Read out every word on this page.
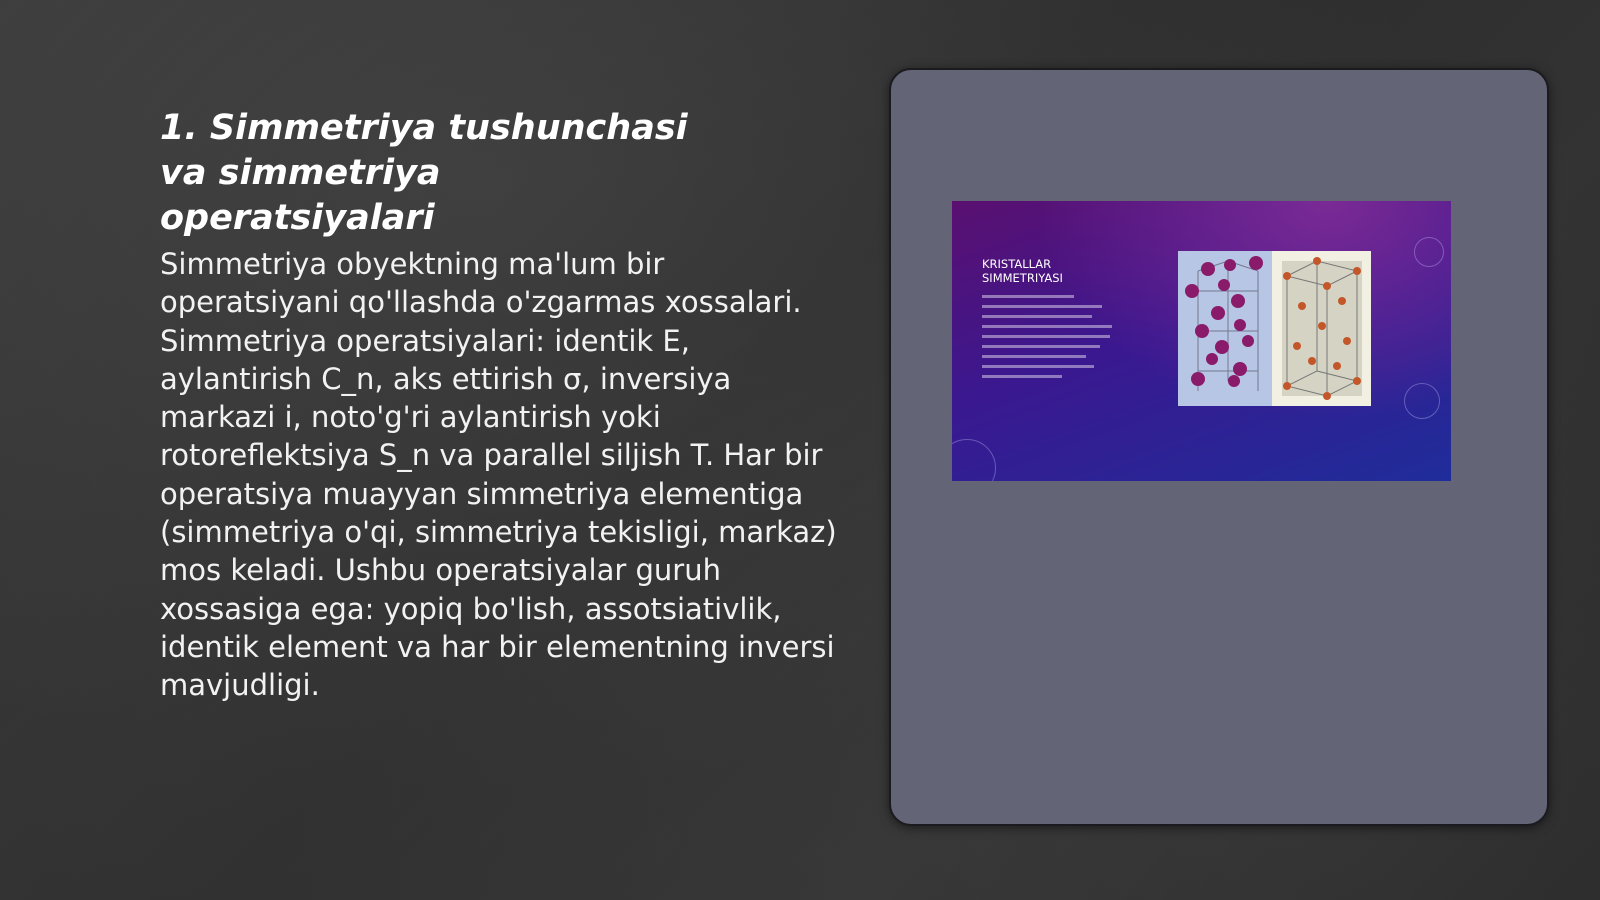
1. Simmetriya tushunchasi va simmetriya operatsiyalari

Simmetriya obyektning ma'lum bir operatsiyani qo'llashda o'zgarmas xossalari. Simmetriya operatsiyalari: identik E, aylantirish C_n, aks ettirish σ, inversiya markazi i, noto'g'ri aylantirish yoki rotoreflektsiya S_n va parallel siljish T. Har bir operatsiya muayyan simmetriya elementiga (simmetriya o'qi, simmetriya tekisligi, markaz) mos keladi. Ushbu operatsiyalar guruh xossasiga ega: yopiq bo'lish, assotsiativlik, identik element va har bir elementning inversi mavjudligi.

KRISTALLAR SIMMETRIYASI
